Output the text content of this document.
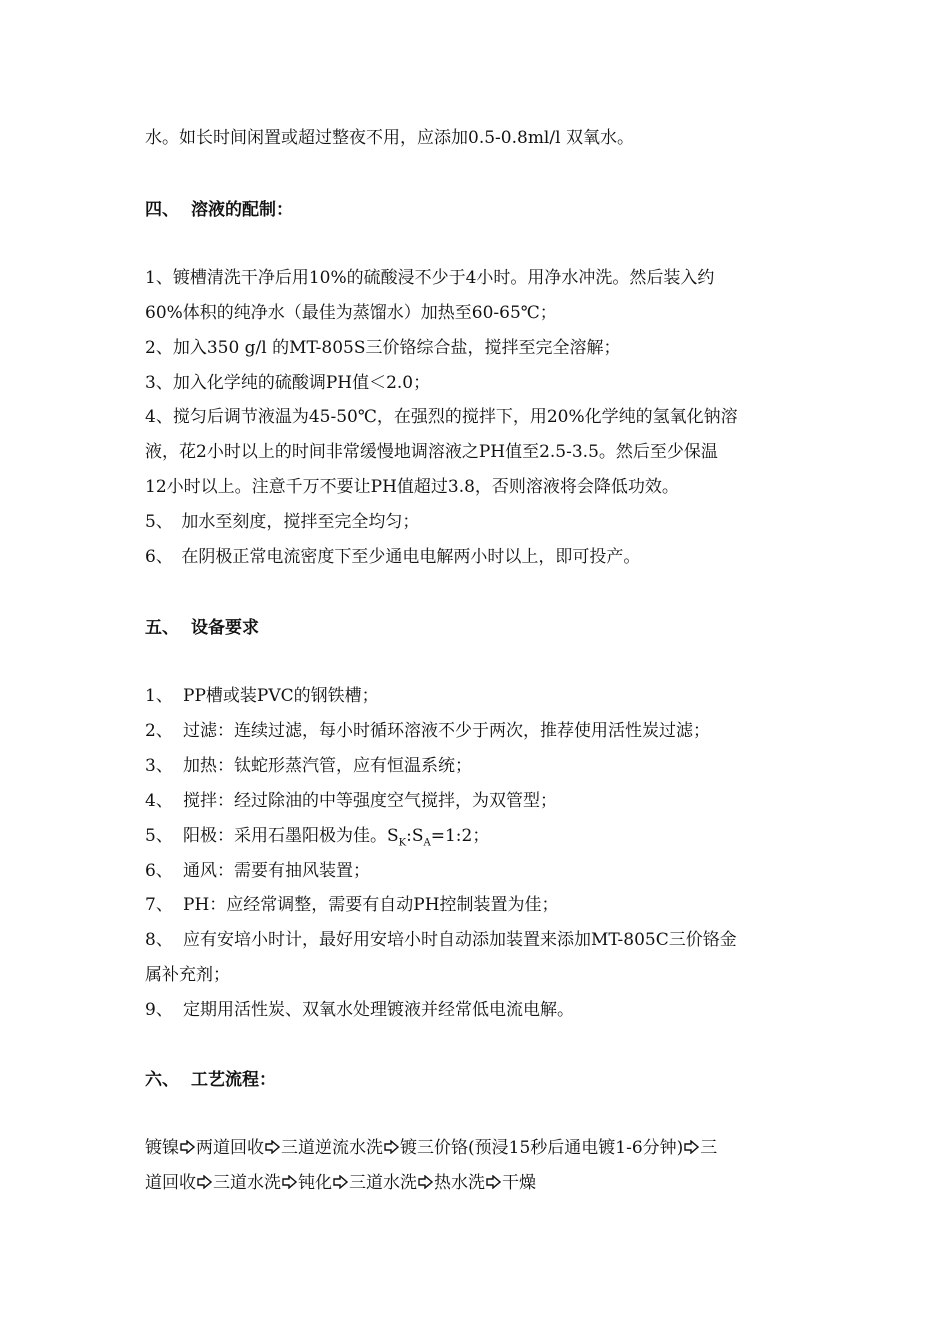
水。如长时间闲置或超过整夜不用，应添加0.5-0.8ml/l 双氧水。
四、 溶液的配制：
1、镀槽清洗干净后用10%的硫酸浸不少于4小时。用净水冲洗。然后装入约
60%体积的纯净水（最佳为蒸馏水）加热至60-65℃；
2、加入350 g/l 的MT-805S三价铬综合盐，搅拌至完全溶解；
3、加入化学纯的硫酸调PH值＜2.0；
4、搅匀后调节液温为45-50℃，在强烈的搅拌下，用20%化学纯的氢氧化钠溶
液，花2小时以上的时间非常缓慢地调溶液之PH值至2.5-3.5。然后至少保温
12小时以上。注意千万不要让PH值超过3.8，否则溶液将会降低功效。
5、　加水至刻度，搅拌至完全均匀；
6、　在阴极正常电流密度下至少通电电解两小时以上，即可投产。
五、 设备要求
1、 PP槽或装PVC的钢铁槽；
2、 过滤：连续过滤，每小时循环溶液不少于两次，推荐使用活性炭过滤；
3、 加热：钛蛇形蒸汽管，应有恒温系统；
4、 搅拌：经过除油的中等强度空气搅拌，为双管型；
5、 阳极：采用石墨阳极为佳。$S_K:S_A=1:2$；
6、 通风：需要有抽风装置；
7、 PH：应经常调整，需要有自动PH控制装置为佳；
8、 应有安培小时计，最好用安培小时自动添加装置来添加MT-805C三价铬金
属补充剂；
9、 定期用活性炭、双氧水处理镀液并经常低电流电解。
六、 工艺流程：
镀镍 两道回收 三道逆流水洗 镀三价铬(预浸15秒后通电镀1-6分钟) 三
道回收 三道水洗 钝化 三道水洗 热水洗 干燥
